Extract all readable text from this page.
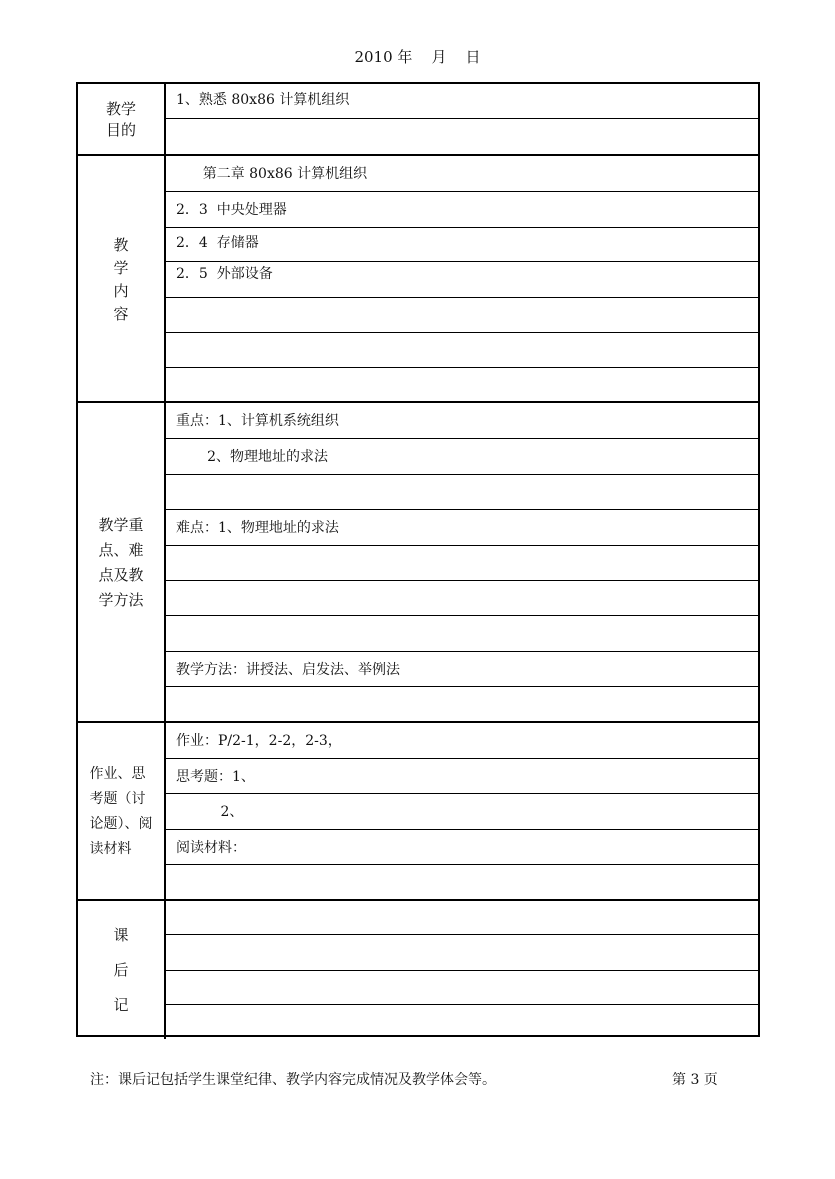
2010 年    月    日
教学
目的
1、熟悉 80x86 计算机组织
教
学
内
容
第二章 80x86 计算机组织
2．3  中央处理器
2．4  存储器
2．5  外部设备
教学重
点、难
点及教
学方法
重点：1、计算机系统组织
2、物理地址的求法
难点：1、物理地址的求法
教学方法：讲授法、启发法、举例法
作业、思
考题（讨
论题）、阅
读材料
作业：P/2-1，2-2，2-3，
思考题：1、
2、
阅读材料：
课
后
记
注：课后记包括学生课堂纪律、教学内容完成情况及教学体会等。	第 3 页
